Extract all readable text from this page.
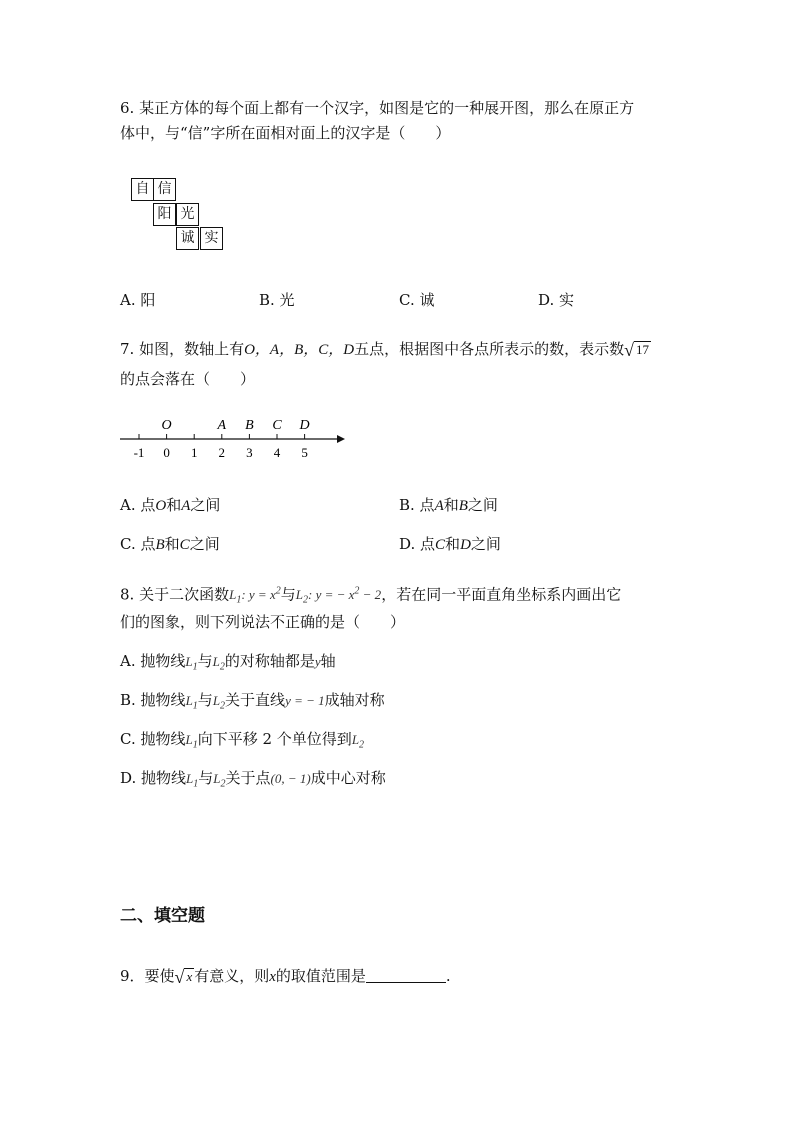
6. 某正方体的每个面上都有一个汉字，如图是它的一种展开图，那么在原正方
体中，与“信”字所在面相对面上的汉字是（　　）
自 信
阳 光
诚 实
A. 阳	B. 光	C. 诚	D. 实
7. 如图，数轴上有O，A，B，C，D五点，根据图中各点所表示的数，表示数√ 17
的点会落在（　　）
-1 0 1 2 3 4 5
O	A B C D
A. 点O和A之间	B. 点A和B之间
C. 点B和C之间	D. 点C和D之间
8. 关于二次函数$L_1$: $y = x^2$与$L_2$: y = − $x^2 - 2$，若在同一平面直角坐标系内画出它
们的图象，则下列说法不正确的是（　　）
A. 抛物线$L_1$与$L_2$的对称轴都是y轴
B. 抛物线$L_1$与$L_2$关于直线y = − 1成轴对称
C. 抛物线$L_1$向下平移 2 个单位得到$L_2$
D. 抛物线$L_1$与$L_2$关于点(0, − 1)成中心对称
二、填空题
9．要使√ x 有意义，则x的取值范围是	.
